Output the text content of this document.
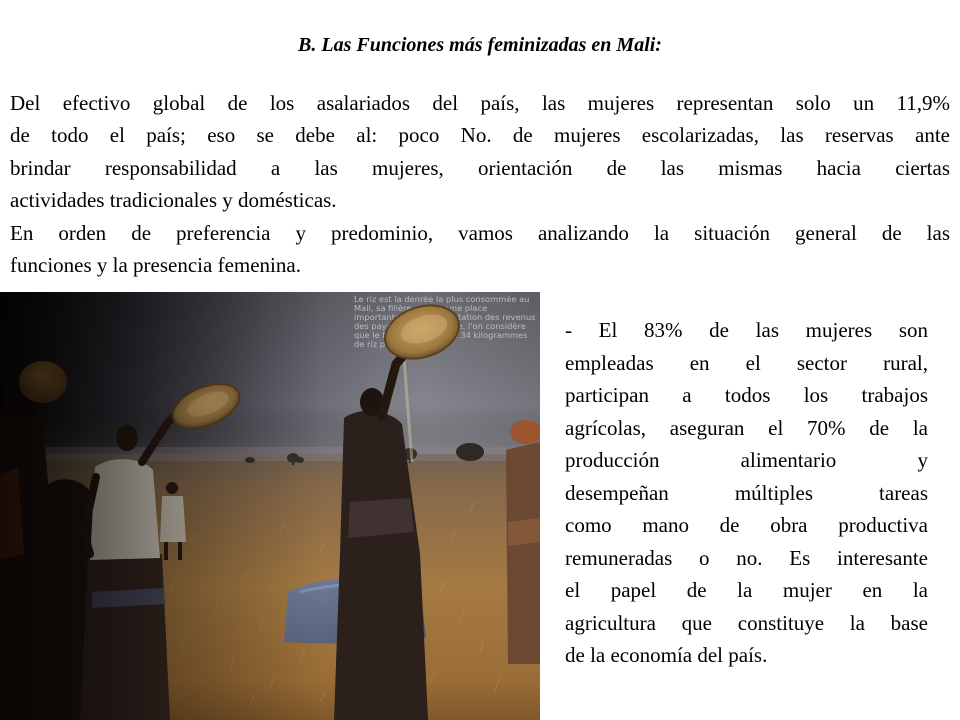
B. Las Funciones más feminizadas en Mali:
Del efectivo global de los asalariados del país, las mujeres representan solo un 11,9%
de todo el país; eso se debe al: poco No. de mujeres escolarizadas, las reservas ante
brindar responsabilidad a las mujeres, orientación de las mismas hacia ciertas
actividades tradicionales y domésticas.
En orden de preferencia y predominio, vamos analizando la situación general de las
funciones y la presencia femenina.
- El 83% de las mujeres son
empleadas en el sector rural,
participan a todos los trabajos
agrícolas, aseguran el 70% de la
producción alimentario y
desempeñan múltiples tareas
como mano de obra productiva
remuneradas o no. Es interesante
el papel de la mujer en la
agricultura que constituye la base
de la economía del país.
